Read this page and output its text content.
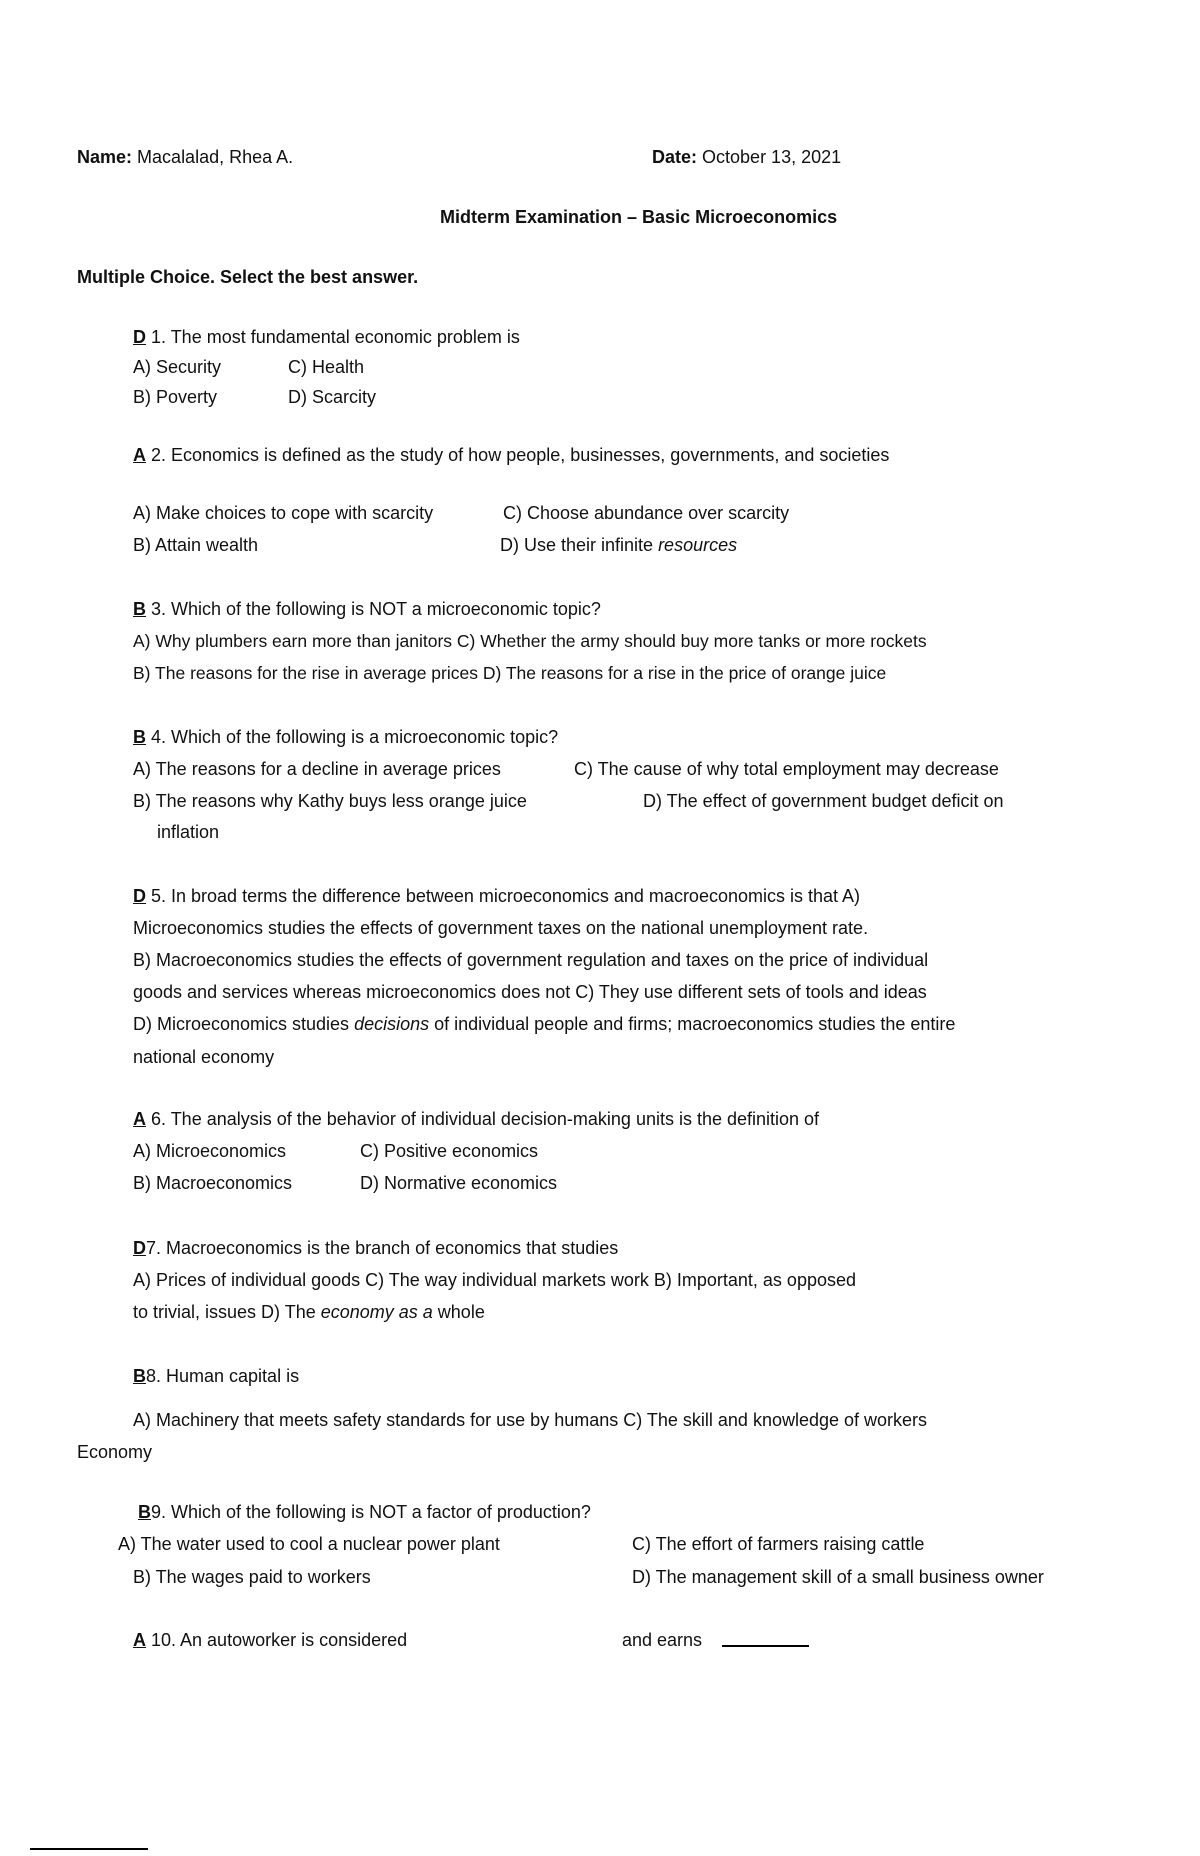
Name: Macalalad, Rhea A.	Date: October 13, 2021
Midterm Examination – Basic Microeconomics
Multiple Choice. Select the best answer.
D 1. The most fundamental economic problem is
A) Security	C) Health
B) Poverty	D) Scarcity
A 2. Economics is defined as the study of how people, businesses, governments, and societies
A) Make choices to cope with scarcity	C) Choose abundance over scarcity
B) Attain wealth	D) Use their infinite resources
B 3. Which of the following is NOT a microeconomic topic?
A) Why plumbers earn more than janitors C) Whether the army should buy more tanks or more rockets
B) The reasons for the rise in average prices D) The reasons for a rise in the price of orange juice
B 4. Which of the following is a microeconomic topic?
A) The reasons for a decline in average prices	C) The cause of why total employment may decrease
B) The reasons why Kathy buys less orange juice	D) The effect of government budget deficit on
inflation
D 5. In broad terms the difference between microeconomics and macroeconomics is that A)
Microeconomics studies the effects of government taxes on the national unemployment rate.
B) Macroeconomics studies the effects of government regulation and taxes on the price of individual
goods and services whereas microeconomics does not C) They use different sets of tools and ideas
D) Microeconomics studies decisions of individual people and firms; macroeconomics studies the entire
national economy
A 6. The analysis of the behavior of individual decision-making units is the definition of
A) Microeconomics	C) Positive economics
B) Macroeconomics	D) Normative economics
D7. Macroeconomics is the branch of economics that studies
A) Prices of individual goods C) The way individual markets work B) Important, as opposed
to trivial, issues D) The economy as a whole
B8. Human capital is
A) Machinery that meets safety standards for use by humans C) The skill and knowledge of workers
Economy
B9. Which of the following is NOT a factor of production?
A) The water used to cool a nuclear power plant	C) The effort of farmers raising cattle
B) The wages paid to workers	D) The management skill of a small business owner
A 10. An autoworker is considered	and earns
